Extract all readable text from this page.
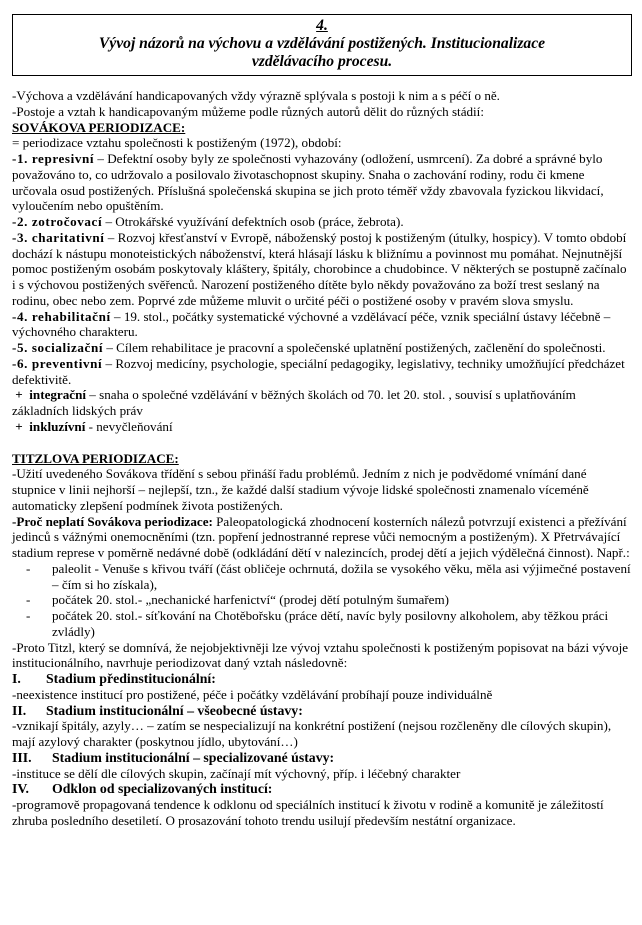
4.
Vývoj názorů na výchovu a vzdělávání postižených. Institucionalizace
vzdělávacího procesu.

-Výchova a vzdělávání handicapovaných vždy výrazně splývala s postoji k nim a s péčí o ně.

-Postoje a vztah k handicapovaným můžeme podle různých autorů dělit do různých stádií:

SOVÁKOVA PERIODIZACE:

= periodizace vztahu společnosti k postiženým (1972), období:

-1. represivní – Defektní osoby byly ze společnosti vyhazovány (odložení, usmrcení). Za dobré a správné bylo považováno to, co udržovalo a posilovalo životaschopnost skupiny. Snaha o zachování rodiny, rodu či kmene určovala osud postižených. Příslušná společenská skupina se jich proto téměř vždy zbavovala fyzickou likvidací, vyloučením nebo opuštěním.

-2. zotročovací – Otrokářské využívání defektních osob (práce, žebrota).

-3. charitativní – Rozvoj křesťanství v Evropě, náboženský postoj k postiženým (útulky, hospicy). V tomto období dochází k nástupu monoteistických náboženství, která hlásají lásku k bližnímu a povinnost mu pomáhat. Nejnutnější pomoc postiženým osobám poskytovaly kláštery, špitály, chorobince a chudobince. V některých se postupně začínalo i s výchovou postižených svěřenců. Narození postiženého dítěte bylo někdy považováno za boží trest seslaný na rodinu, obec nebo zem. Poprvé zde můžeme mluvit o určité péči o postižené osoby v pravém slova smyslu.

-4. rehabilitační – 19. stol., počátky systematické výchovné a vzdělávací péče, vznik speciální ústavy léčebně – výchovného charakteru.

-5. socializační – Cílem rehabilitace je pracovní a společenské uplatnění postižených, začlenění do společnosti.

-6. preventivní – Rozvoj medicíny, psychologie, speciální pedagogiky, legislativy, techniky umožňující předcházet defektivitě.

+  integrační – snaha o společné vzdělávání v běžných školách od 70. let 20. stol. , souvisí s uplatňováním základních lidských práv

+  inkluzívní - nevyčleňování

TITZLOVA PERIODIZACE:

-Užití uvedeného Sovákova třídění s sebou přináší řadu problémů. Jedním z nich je podvědomé vnímání dané stupnice v linii nejhorší – nejlepší, tzn., že každé další stadium vývoje lidské společnosti znamenalo víceméně automaticky zlepšení podmínek života postižených.

-Proč neplatí Sovákova periodizace: Paleopatologická zhodnocení kosterních nálezů potvrzují existenci a přežívání jedinců s vážnými onemocněními (tzn. popření jednostranné represe vůči nemocným a postiženým). X Přetrvávající stadium represe v poměrně nedávné době (odkládání dětí v nalezincích, prodej dětí a jejich výdělečná činnost). Např.:

-	paleolit - Venuše s křivou tváří (část obličeje ochrnutá, dožila se vysokého věku, měla asi výjimečné postavení – čím si ho získala),
-	počátek 20. stol.- „nechanické harfenictví“ (prodej dětí potulným šumařem)
-	počátek 20. stol.- síťkování na Chotěbořsku (práce dětí, navíc byly posilovny alkoholem, aby těžkou práci zvládly)

-Proto Titzl, který se domnívá, že nejobjektivněji lze vývoj vztahu společnosti k postiženým popisovat na bázi vývoje institucionálního, navrhuje periodizovat daný vztah následovně:

I.	Stadium předinstitucionální:

-neexistence institucí pro postižené, péče i počátky vzdělávání probíhají pouze individuálně

II.	Stadium institucionální – všeobecné ústavy:

-vznikají špitály, azyly… – zatím se nespecializují na konkrétní postižení (nejsou rozčleněny dle cílových skupin), mají azylový charakter (poskytnou jídlo, ubytování…)

III.	Stadium institucionální – specializované ústavy:

-instituce se dělí dle cílových skupin, začínají mít výchovný, příp. i léčebný charakter

IV.	Odklon od specializovaných institucí:

-programově propagovaná tendence k odklonu od speciálních institucí k životu v rodině a komunitě je záležitostí zhruba posledního desetiletí. O prosazování tohoto trendu usilují především nestátní organizace.
